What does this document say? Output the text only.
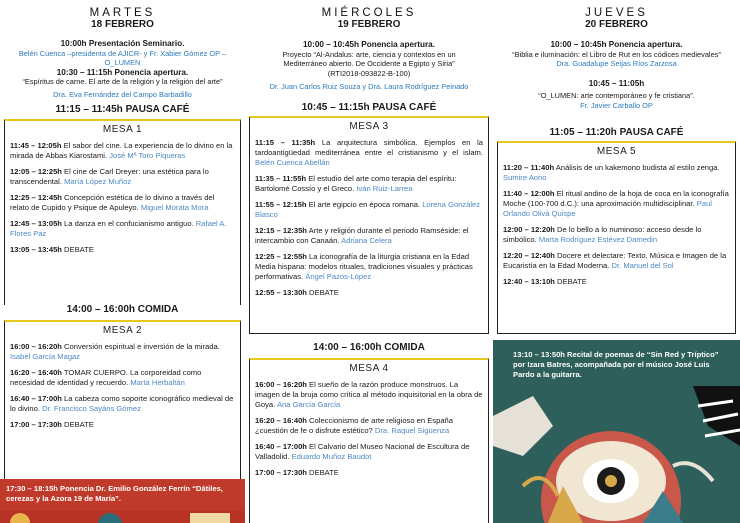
MARTES
18 FEBRERO
10:00h Presentación Seminario.
Belén Cuenca –presidenta de AJICR- y Fr. Xabier Gómez OP –O_LUMEN
10:30 – 11:15h Ponencia apertura.
“Espíritus de carne. El arte de la religión y la religión del arte”
Dra. Eva Fernández del Campo Barbadillo
11:15 – 11:45h PAUSA CAFÉ
MESA 1
11:45 – 12:05h El sabor del cine. La experiencia de lo divino en la mirada de Abbas Kiarostami. José Mª Toro Piqueras
12:05 – 12:25h El cine de Carl Dreyer: una estética para lo transcendental. María López Muñoz
12:25 – 12:45h Concepción estética de lo divino a través del relato de Cupido y Psique de Apuleyo. Miguel Morata Mora
12:45 – 13:05h La danza en el confucianismo antiguo. Rafael A. Flores Paz
13:05 – 13:45h DEBATE
14:00 – 16:00h COMIDA
MESA 2
16:00 – 16:20h Conversión espiritual e inversión de la mirada. Isabel García Magaz
16:20 – 16:40h TOMAR CUERPO. La corporeidad como necesidad de identidad y recuerdo. Marta Herbaltán
16:40 – 17:00h La cabeza como soporte iconográfico medieval de lo divino. Dr. Francisco Sayáns Gómez
17:00 – 17:30h DEBATE
17:30 – 18:15h Ponencia Dr. Emilio González Ferrín “Dátiles, cerezas y la Azora 19 de María”.
MIÉRCOLES
19 FEBRERO
10:00 – 10:45h Ponencia apertura.
Proyecto “Al-Andalus: arte, ciencia y contextos en un Mediterráneo abierto. De Occidente a Egipto y Siria”
(RTI2018-093822-B-100)
Dr. Juan Carlos Ruiz Souza y Dra. Laura Rodríguez Peinado
10:45 – 11:15h PAUSA CAFÉ
MESA 3
11:15 – 11:35h La arquitectura simbólica. Ejemplos en la tardoantigüedad mediterránea entre el cristianismo y el islam. Belén Cuenca Abellán
11:35 – 11:55h El estudio del arte como terapia del espíritu: Bartolomé Cossío y el Greco. Iván Ruiz-Larrea
11:55 – 12:15h El arte egipcio en época romana. Lorena González Blasco
12:15 – 12:35h Arte y religión durante el periodo Ramséside: el intercambio con Canaán. Adriana Celera
12:25 – 12:55h La iconografía de la liturgia cristiana en la Edad Media hispana: modelos rituales, tradiciones visuales y prácticas performativas. Ángel Pazos-López
12:55 – 13:30h DEBATE
14:00 – 16:00h COMIDA
MESA 4
16:00 – 16:20h El sueño de la razón produce monstruos. La imagen de la bruja como crítica al método inquisitorial en la obra de Goya. Ana García García
16:20 – 16:40h Coleccionismo de arte religioso en España ¿cuestión de fe o disfrute estético? Dra. Raquel Sigüenza
16:40 – 17:00h El Calvario del Museo Nacional de Escultura de Valladolid. Eduardo Muñoz Baudot
17:00 – 17:30h DEBATE
JUEVES
20 FEBRERO
10:00 – 10:45h Ponencia apertura.
“Biblia e iluminación: el Libro de Rut en los códices medievales”
Dra. Guadalupe Seijas Ríos Zarzosa
10:45 – 11:05h
“O_LUMEN: arte contemporáneo y fe cristiana”.
Fr. Javier Carballo OP
11:05 – 11:20h PAUSA CAFÉ
MESA 5
11:20 – 11:40h Análisis de un kakemono budista al estilo zenga. Sumire Aono
11:40 – 12:00h El ritual andino de la hoja de coca en la iconografía Moche (100-700 d.C.): una aproximación multidisciplinar. Paul Orlando Olivá Quispe
12:00 – 12:20h De lo bello a lo numinoso: acceso desde lo simbólico. Marta Rodríguez Estévez Damedin
12:20 – 12:40h Docere et delectare: Texto, Música e Imagen de la Eucaristía en la Edad Moderna. Dr. Manuel del Sol
12:40 – 13:10h DEBATE
13:10 – 13:50h Recital de poemas de “Sin Red y Tríptico” por Izara Batres, acompañada por el músico José Luis Pardo a la guitarra.
